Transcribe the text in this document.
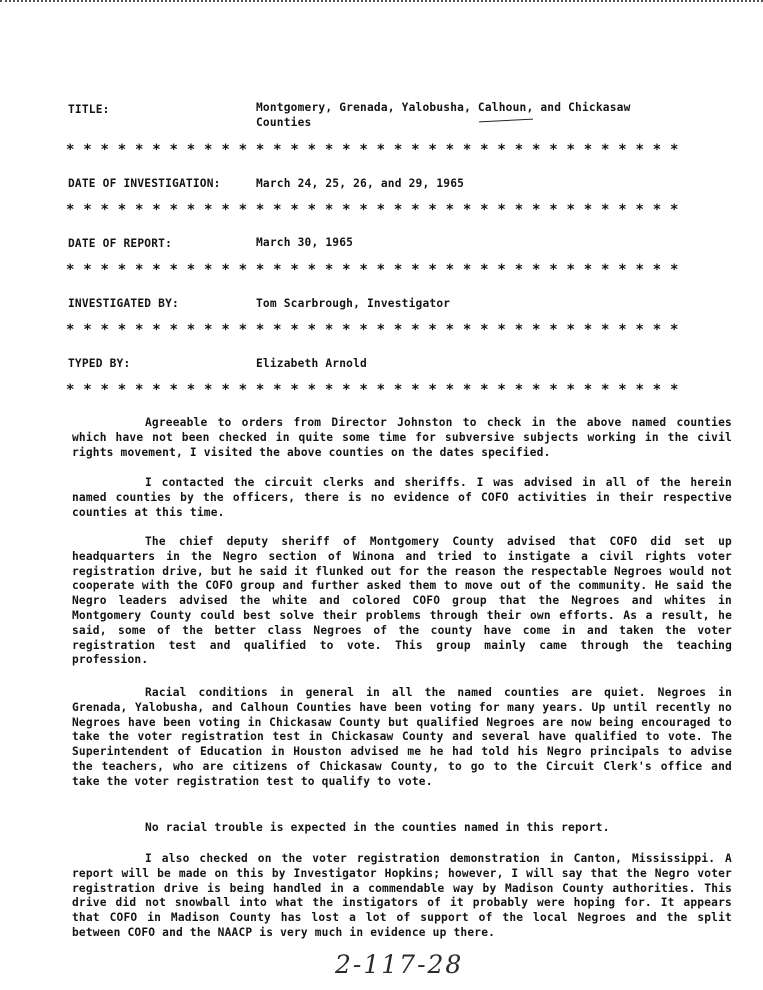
TITLE:	Montgomery, Grenada, Yalobusha, Calhoun, and Chickasaw Counties
* * * * * * * * * * * * * * * * * * * * * * * * * * * * * * * * * * * *
DATE OF INVESTIGATION:	March 24, 25, 26, and 29, 1965
* * * * * * * * * * * * * * * * * * * * * * * * * * * * * * * * * * * *
DATE OF REPORT:	March 30, 1965
* * * * * * * * * * * * * * * * * * * * * * * * * * * * * * * * * * * *
INVESTIGATED BY:	Tom Scarbrough, Investigator
* * * * * * * * * * * * * * * * * * * * * * * * * * * * * * * * * * * *
TYPED BY:	Elizabeth Arnold
* * * * * * * * * * * * * * * * * * * * * * * * * * * * * * * * * * * *
Agreeable to orders from Director Johnston to check in the above named counties which have not been checked in quite some time for subversive subjects working in the civil rights movement, I visited the above counties on the dates specified.
I contacted the circuit clerks and sheriffs. I was advised in all of the herein named counties by the officers, there is no evidence of COFO activities in their respective counties at this time.
The chief deputy sheriff of Montgomery County advised that COFO did set up headquarters in the Negro section of Winona and tried to instigate a civil rights voter registration drive, but he said it flunked out for the reason the respectable Negroes would not cooperate with the COFO group and further asked them to move out of the community. He said the Negro leaders advised the white and colored COFO group that the Negroes and whites in Montgomery County could best solve their problems through their own efforts. As a result, he said, some of the better class Negroes of the county have come in and taken the voter registration test and qualified to vote. This group mainly came through the teaching profession.
Racial conditions in general in all the named counties are quiet. Negroes in Grenada, Yalobusha, and Calhoun Counties have been voting for many years. Up until recently no Negroes have been voting in Chickasaw County but qualified Negroes are now being encouraged to take the voter registration test in Chickasaw County and several have qualified to vote. The Superintendent of Education in Houston advised me he had told his Negro principals to advise the teachers, who are citizens of Chickasaw County, to go to the Circuit Clerk's office and take the voter registration test to qualify to vote.
No racial trouble is expected in the counties named in this report.
I also checked on the voter registration demonstration in Canton, Mississippi. A report will be made on this by Investigator Hopkins; however, I will say that the Negro voter registration drive is being handled in a commendable way by Madison County authorities. This drive did not snowball into what the instigators of it probably were hoping for. It appears that COFO in Madison County has lost a lot of support of the local Negroes and the split between COFO and the NAACP is very much in evidence up there.
2-117-28
